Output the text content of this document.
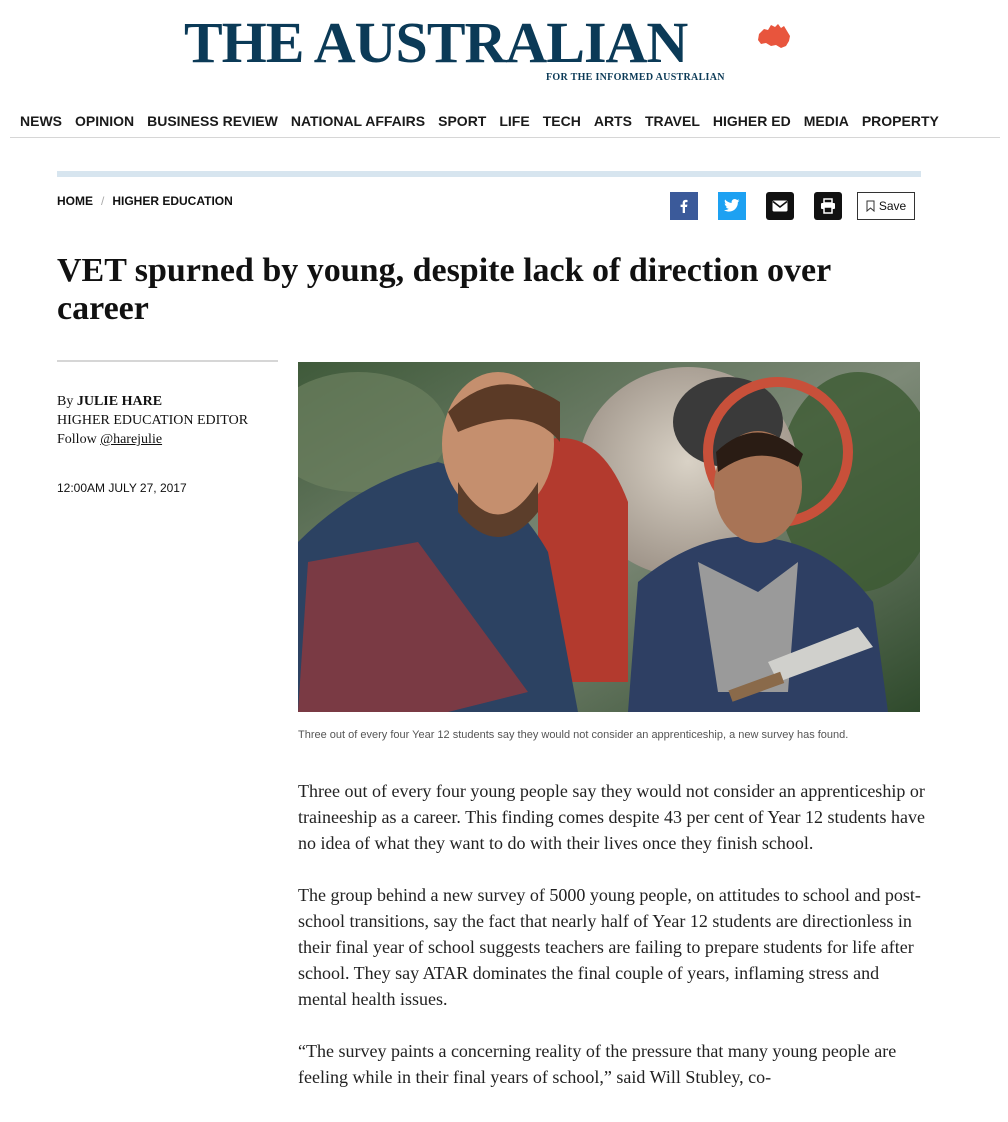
THE AUSTRALIAN
FOR THE INFORMED AUSTRALIAN
NEWS OPINION BUSINESS REVIEW NATIONAL AFFAIRS SPORT LIFE TECH ARTS TRAVEL HIGHER ED MEDIA PROPERTY
HOME / HIGHER EDUCATION	Save
VET spurned by young, despite lack of direction over career
By JULIE HARE
HIGHER EDUCATION EDITOR
Follow @harejulie
12:00AM JULY 27, 2017
Three out of every four Year 12 students say they would not consider an apprenticeship, a new survey has found.

Three out of every four young people say they would not consider an apprenticeship or traineeship as a career. This finding comes despite 43 per cent of Year 12 students have no idea of what they want to do with their lives once they finish school.

The group behind a new survey of 5000 young people, on attitudes to school and post-school transitions, say the fact that nearly half of Year 12 students are directionless in their final year of school suggests teachers are failing to prepare students for life after school. They say ATAR dominates the final couple of years, inflaming stress and mental health issues.

“The survey paints a concerning reality of the pressure that many young people are feeling while in their final years of school,” said Will Stubley, co-
